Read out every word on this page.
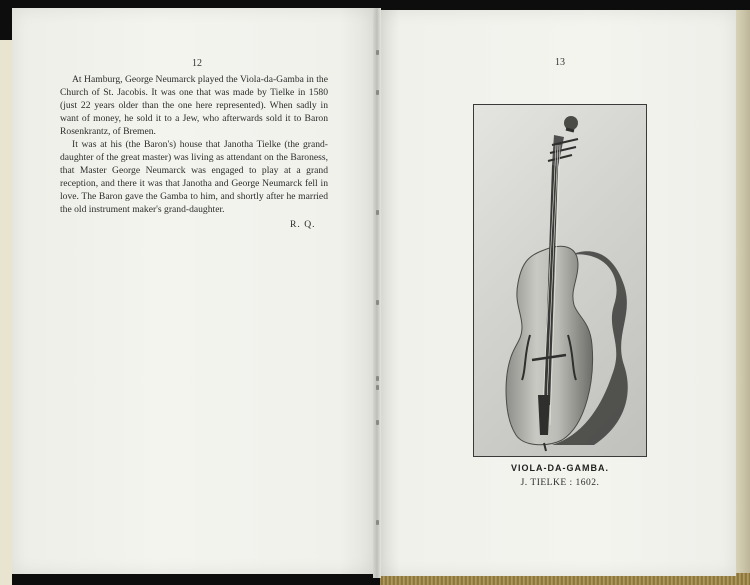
12	13

At Hamburg, George Neumarck played the Viola-da-Gamba in the Church of St. Jacobis. It was one that was made by Tielke in 1580 (just 22 years older than the one here represented). When sadly in want of money, he sold it to a Jew, who afterwards sold it to Baron Rosenkrantz, of Bremen.

It was at his (the Baron's) house that Janotha Tielke (the grand-daughter of the great master) was living as attendant on the Baroness, that Master George Neumarck was engaged to play at a grand reception, and there it was that Janotha and George Neumarck fell in love. The Baron gave the Gamba to him, and shortly after he married the old instrument maker's grand-daughter.

R. Q.
VIOLA-DA-GAMBA.
J. TIELKE : 1602.
